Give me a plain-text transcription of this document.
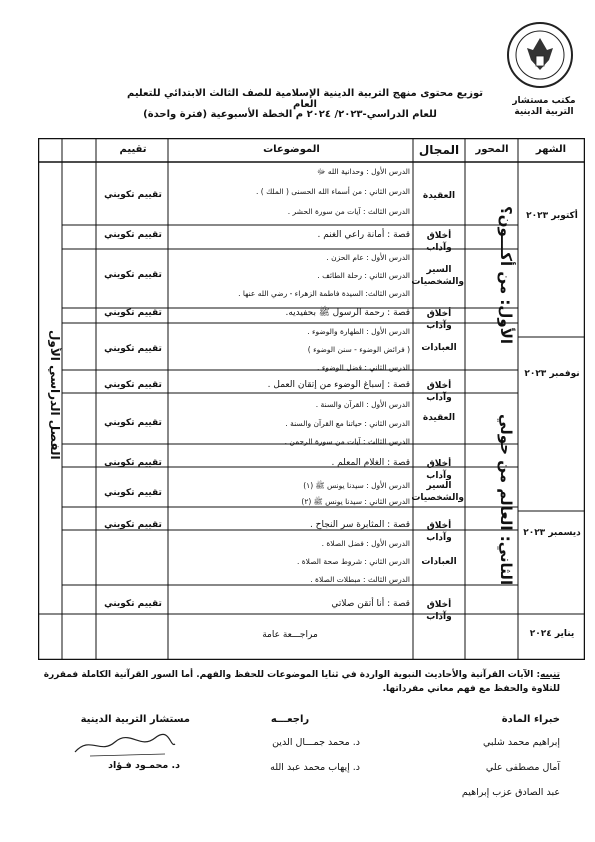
مكتب مستشار
التربية الدينية
توزيع محتوى منهج التربية الدينية الإسلامية للصف الثالث الابتدائي للتعليم العام
للعام الدراسي-٢٠٢٣/ ٢٠٢٤ م الخطة الأسبوعية (فترة واحدة)
الشهر
المحور
المجال
الموضوعات
تقييم
الفصل الدراسي الأول
الأول: من أكـــون؟
الثاني: العالم من حولي
أكتوبر ٢٠٢٣
نوفمبر ٢٠٢٣
ديسمبر ٢٠٢٣
يناير ٢٠٢٤
العقيدة
الدرس الأول : وحدانية الله ﷻ
الدرس الثاني : من أسماء الله الحسنى ( الملك ) .
الدرس الثالث : آيات من سورة الحشر .
تقييم تكويني
أخلاق وآداب
قصة : أمانة راعي الغنم .
تقييم تكويني
السير والشخصيات
الدرس الأول : عام الحزن .
الدرس الثاني : رحلة الطائف .
الدرس الثالث: السيدة فاطمة الزهراء - رضي الله عنها .
تقييم تكويني
أخلاق وآداب
قصة : رحمة الرسول ﷺ بحفيديه.
تقييم تكويني
العبادات
الدرس الأول : الطهارة والوضوء .
( فرائض الوضوء - سنن الوضوء )
الدرس الثاني : فضل الوضوء .
تقييم تكويني
أخلاق وآداب
قصة : إسباغ الوضوء من إتقان العمل .
تقييم تكويني
العقيدة
الدرس الأول : القرآن والسنة .
الدرس الثاني : حياتنا مع القرآن والسنة .
الدرس الثالث : آيات من سورة الرحمن .
تقييم تكويني
أخلاق وآداب
قصة : الغلام المعلم .
تقييم تكويني
السير والشخصيات
الدرس الأول : سيدنا يونس ﷺ (١)
الدرس الثاني : سيدنا يونس ﷺ (٢)
تقييم تكويني
أخلاق وآداب
قصة : المثابرة سر النجاح .
تقييم تكويني
العبادات
الدرس الأول : فضل الصلاة .
الدرس الثاني : شروط صحة الصلاة .
الدرس الثالث : مبطلات الصلاة .
أخلاق وآداب
قصة : أنا أتقن صلاتي
تقييم تكويني
مراجـــعة عامة
تنبيه: الآيات القرآنية والأحاديث النبوية الواردة في ثنايا الموضوعات للحفظ والفهم. أما السور القرآنية الكاملة فمقررة للتلاوة والحفظ مع فهم معاني مفرداتها.
خبراء المادة
إبراهيم محمد شلبي
آمال مصطفى علي
عبد الصادق عزب إبراهيم
راجعـــه
د. محمد جمـــال الدين
د. إيهاب محمد عبد الله
مستشار التربية الدينية
د. محمـود فـؤاد
